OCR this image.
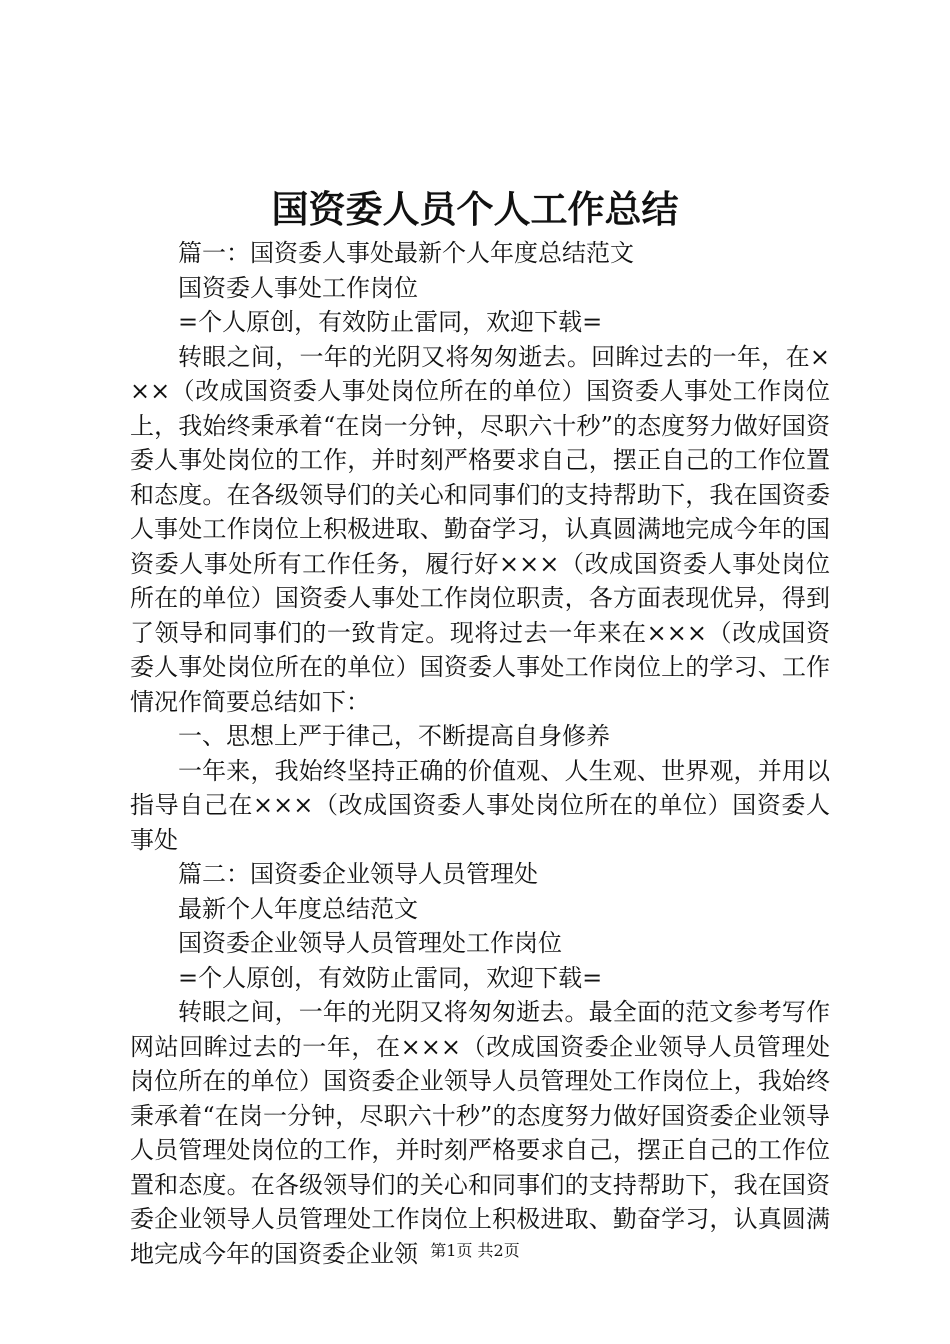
国资委人员个人工作总结

篇一：国资委人事处最新个人年度总结范文

国资委人事处工作岗位

=个人原创，有效防止雷同，欢迎下载=

转眼之间，一年的光阴又将匆匆逝去。回眸过去的一年，在×××（改成国资委人事处岗位所在的单位）国资委人事处工作岗位上，我始终秉承着“在岗一分钟，尽职六十秒”的态度努力做好国资委人事处岗位的工作，并时刻严格要求自己，摆正自己的工作位置和态度。在各级领导们的关心和同事们的支持帮助下，我在国资委人事处工作岗位上积极进取、勤奋学习，认真圆满地完成今年的国资委人事处所有工作任务，履行好×××（改成国资委人事处岗位所在的单位）国资委人事处工作岗位职责，各方面表现优异，得到了领导和同事们的一致肯定。现将过去一年来在×××（改成国资委人事处岗位所在的单位）国资委人事处工作岗位上的学习、工作情况作简要总结如下：

一、思想上严于律己，不断提高自身修养

一年来，我始终坚持正确的价值观、人生观、世界观，并用以指导自己在×××（改成国资委人事处岗位所在的单位）国资委人事处

篇二：国资委企业领导人员管理处

最新个人年度总结范文

国资委企业领导人员管理处工作岗位

=个人原创，有效防止雷同，欢迎下载=

转眼之间，一年的光阴又将匆匆逝去。最全面的范文参考写作网站回眸过去的一年，在×××（改成国资委企业领导人员管理处岗位所在的单位）国资委企业领导人员管理处工作岗位上，我始终秉承着“在岗一分钟，尽职六十秒”的态度努力做好国资委企业领导人员管理处岗位的工作，并时刻严格要求自己，摆正自己的工作位置和态度。在各级领导们的关心和同事们的支持帮助下，我在国资委企业领导人员管理处工作岗位上积极进取、勤奋学习，认真圆满地完成今年的国资委企业领 第1页 共2页
